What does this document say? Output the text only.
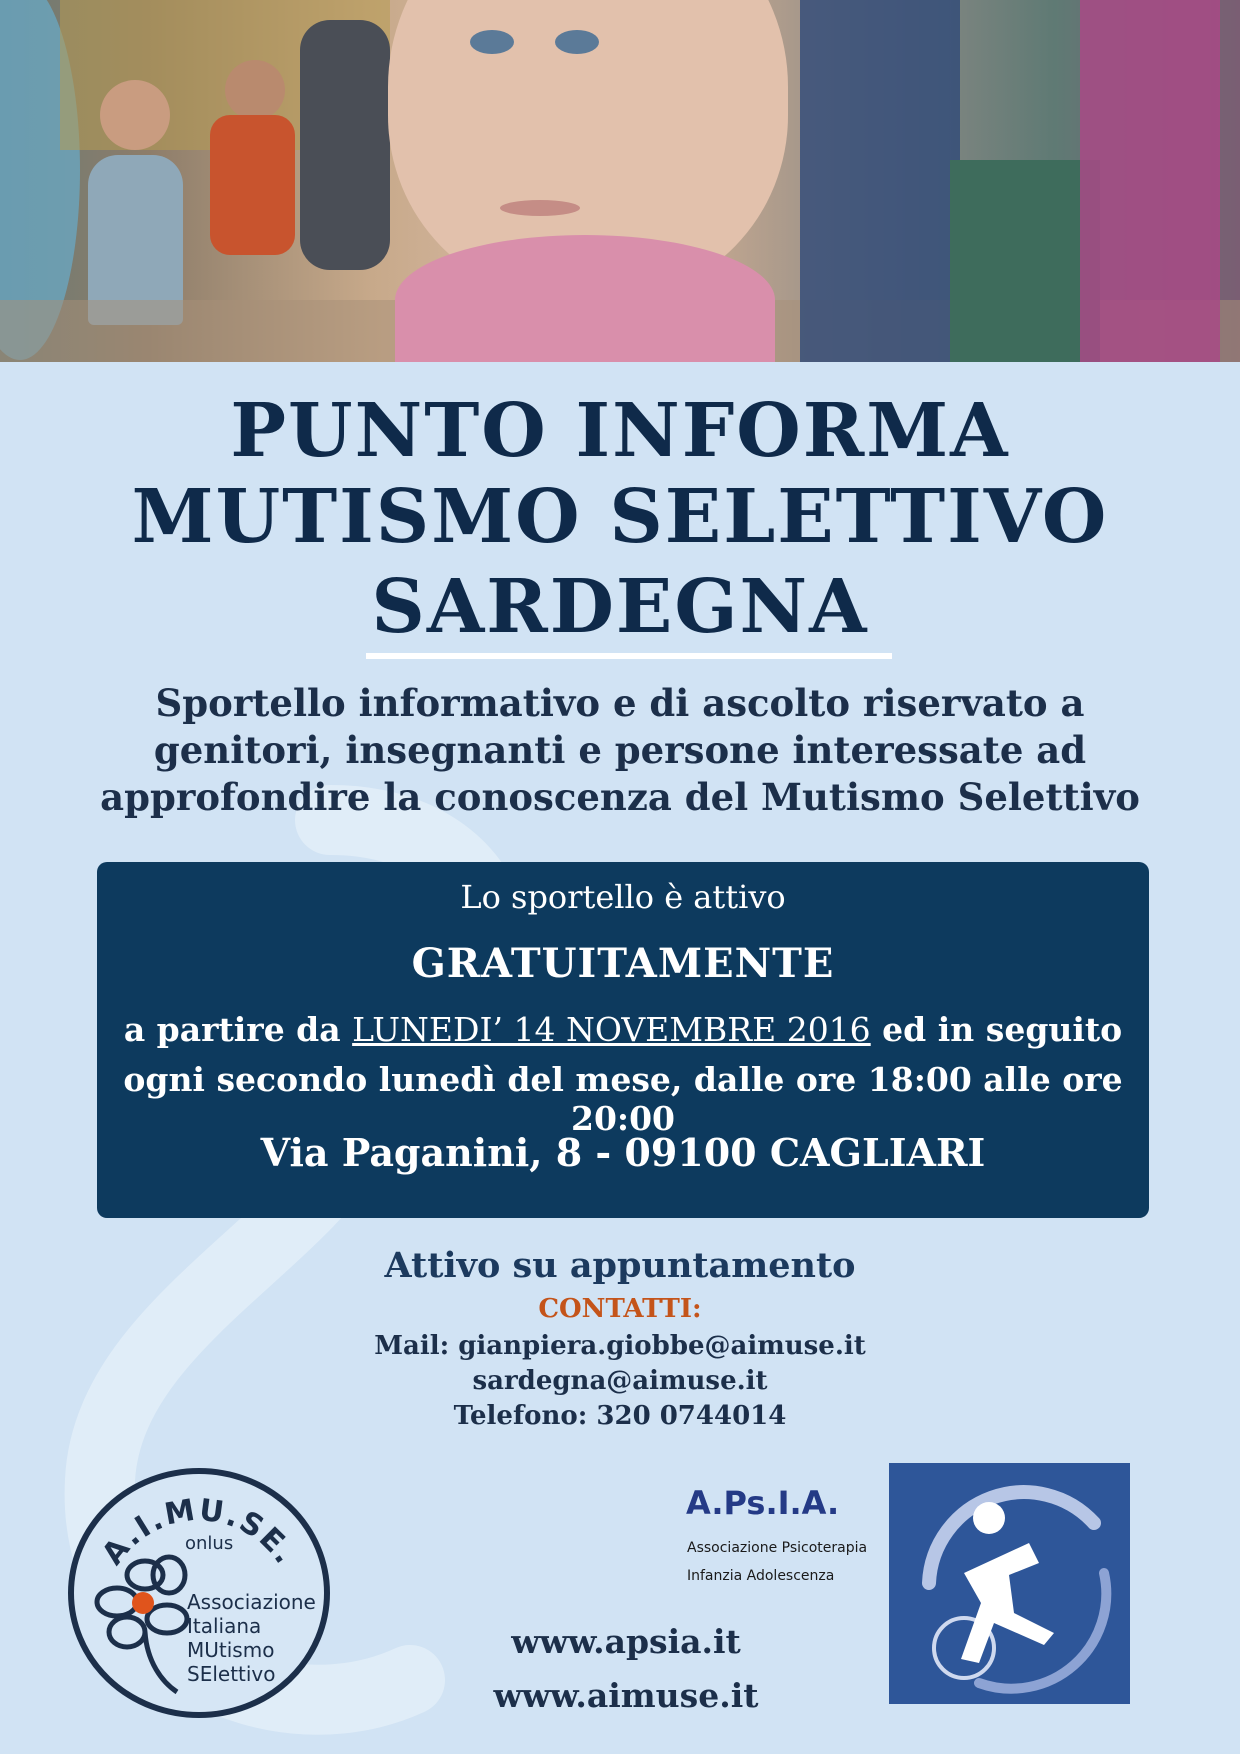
PUNTO INFORMA
MUTISMO SELETTIVO
SARDEGNA
Sportello informativo e di ascolto riservato a
genitori, insegnanti e persone interessate ad
approfondire la conoscenza del Mutismo Selettivo
Lo sportello è attivo
GRATUITAMENTE
a partire da LUNEDI’ 14 NOVEMBRE 2016 ed in seguito
ogni secondo lunedì del mese, dalle ore 18:00 alle ore 20:00
Via Paganini, 8 - 09100 CAGLIARI
Attivo su appuntamento
CONTATTI:
Mail: gianpiera.giobbe@aimuse.it
sardegna@aimuse.it
Telefono: 320 0744014
A.I.MU.SE.
onlus
Associazione
Italiana
MUtismo
SElettivo
A.Ps.I.A.
Associazione Psicoterapia
Infanzia Adolescenza
www.apsia.it
www.aimuse.it
